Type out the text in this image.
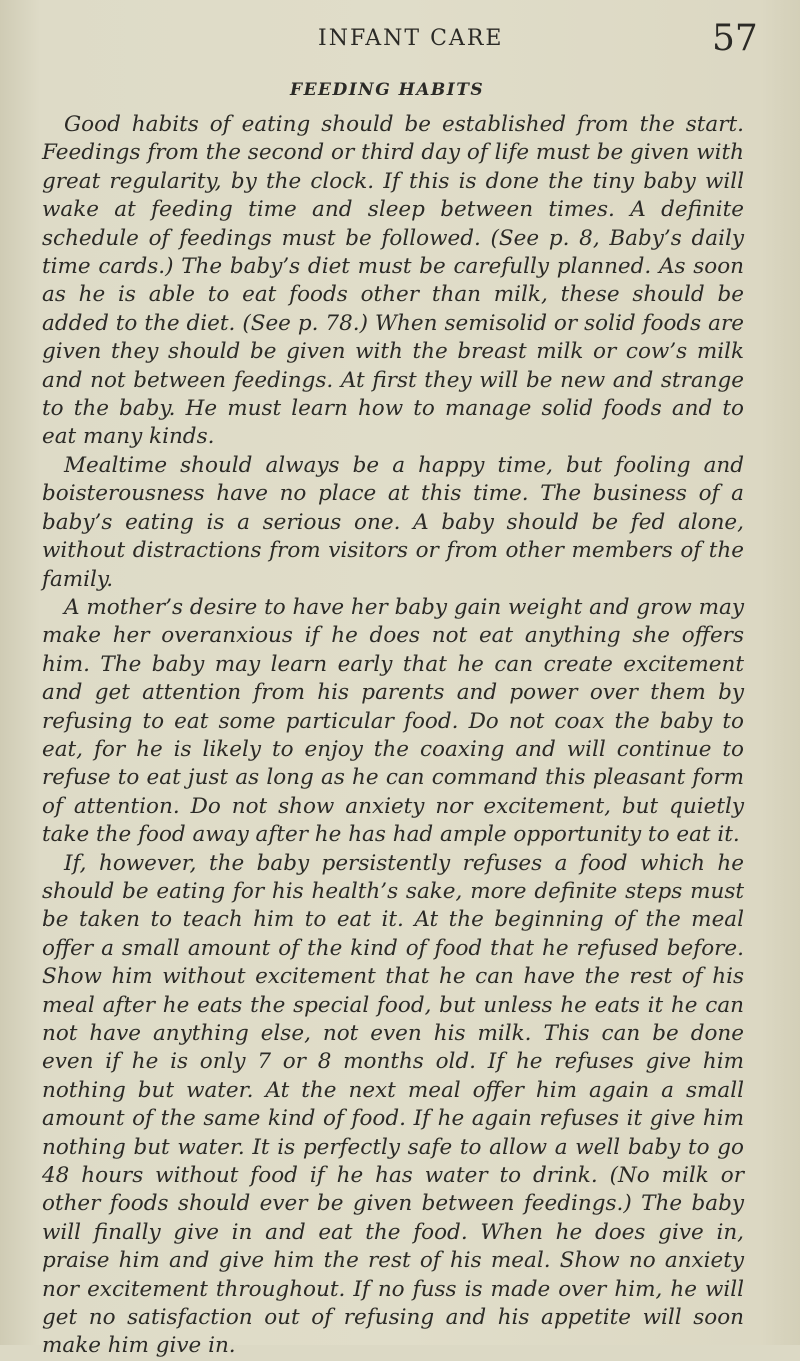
INFANT CARE	57
FEEDING HABITS

Good habits of eating should be established from the start. Feedings from the second or third day of life must be given with great regularity, by the clock. If this is done the tiny baby will wake at feeding time and sleep between times. A definite schedule of feedings must be followed. (See p. 8, Baby’s daily time cards.) The baby’s diet must be carefully planned. As soon as he is able to eat foods other than milk, these should be added to the diet. (See p. 78.) When semisolid or solid foods are given they should be given with the breast milk or cow’s milk and not between feedings. At first they will be new and strange to the baby. He must learn how to manage solid foods and to eat many kinds.

Mealtime should always be a happy time, but fooling and boisterousness have no place at this time. The business of a baby’s eating is a serious one. A baby should be fed alone, without distractions from visitors or from other members of the family.

A mother’s desire to have her baby gain weight and grow may make her overanxious if he does not eat anything she offers him. The baby may learn early that he can create excitement and get attention from his parents and power over them by refusing to eat some particular food. Do not coax the baby to eat, for he is likely to enjoy the coaxing and will continue to refuse to eat just as long as he can command this pleasant form of attention. Do not show anxiety nor excitement, but quietly take the food away after he has had ample opportunity to eat it.

If, however, the baby persistently refuses a food which he should be eating for his health’s sake, more definite steps must be taken to teach him to eat it. At the beginning of the meal offer a small amount of the kind of food that he refused before. Show him without excitement that he can have the rest of his meal after he eats the special food, but unless he eats it he can not have anything else, not even his milk. This can be done even if he is only 7 or 8 months old. If he refuses give him nothing but water. At the next meal offer him again a small amount of the same kind of food. If he again refuses it give him nothing but water. It is perfectly safe to allow a well baby to go 48 hours without food if he has water to drink. (No milk or other foods should ever be given between feedings.) The baby will finally give in and eat the food. When he does give in, praise him and give him the rest of his meal. Show no anxiety nor excitement throughout. If no fuss is made over him, he will get no satisfaction out of refusing and his appetite will soon make him give in.
